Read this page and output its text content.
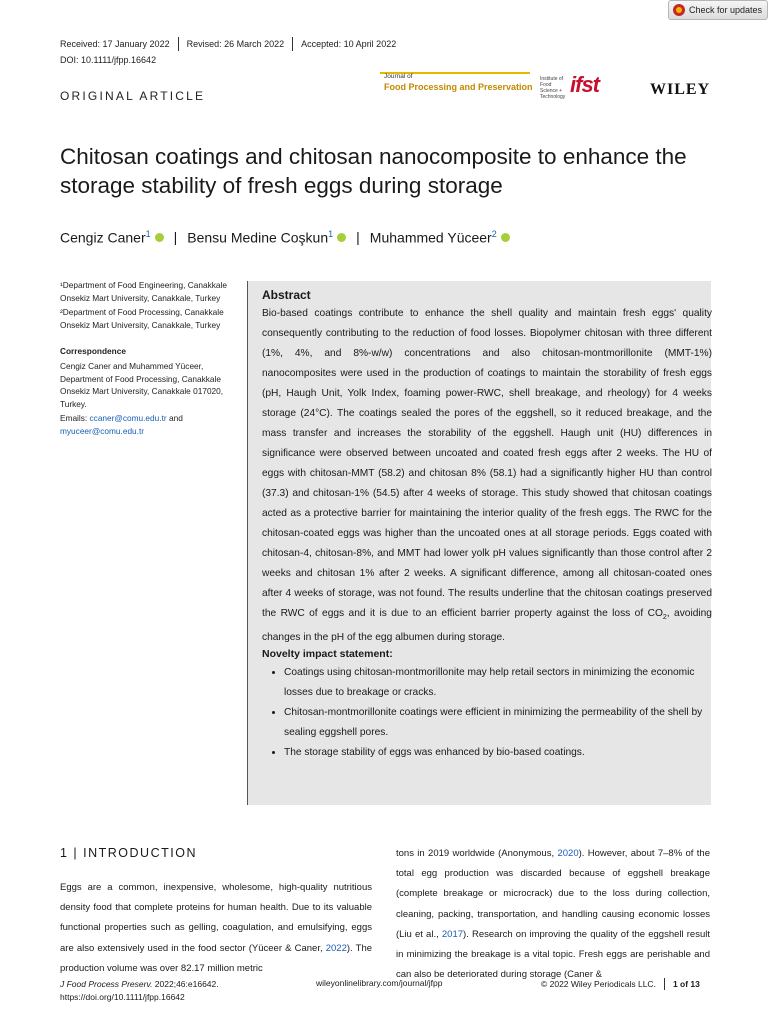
Check for updates
Received: 17 January 2022 Revised: 26 March 2022 Accepted: 10 April 2022
DOI: 10.1111/jfpp.16642
ORIGINAL ARTICLE
Journal of
Food Processing and Preservation
Institute of Food Science + Technology ifst	WILEY
Chitosan coatings and chitosan nanocomposite to enhance the storage stability of fresh eggs during storage
Cengiz Caner$^1$ | Bensu Medine Coşkun$^1$ | Muhammed Yüceer$^2$

¹Department of Food Engineering, Canakkale Onsekiz Mart University, Canakkale, Turkey

²Department of Food Processing, Canakkale Onsekiz Mart University, Canakkale, Turkey

Correspondence

Cengiz Caner and Muhammed Yüceer, Department of Food Processing, Canakkale Onsekiz Mart University, Canakkale 017020, Turkey.

Emails: ccaner@comu.edu.tr and
myuceer@comu.edu.tr

Abstract

Bio-based coatings contribute to enhance the shell quality and maintain fresh eggs' quality consequently contributing to the reduction of food losses. Biopolymer chitosan with three different (1%, 4%, and 8%-w/w) concentrations and also chitosan-montmorillonite (MMT-1%) nanocomposites were used in the production of coatings to maintain the storability of fresh eggs (pH, Haugh Unit, Yolk Index, foaming power-RWC, shell breakage, and rheology) for 4 weeks storage (24°C). The coatings sealed the pores of the eggshell, so it reduced breakage, and the mass transfer and increases the storability of the eggshell. Haugh unit (HU) differences in significance were observed between uncoated and coated fresh eggs after 2 weeks. The HU of eggs with chitosan-MMT (58.2) and chitosan 8% (58.1) had a significantly higher HU than control (37.3) and chitosan-1% (54.5) after 4 weeks of storage. This study showed that chitosan coatings acted as a protective barrier for maintaining the interior quality of the fresh eggs. The RWC for the chitosan-coated eggs was higher than the uncoated ones at all storage periods. Eggs coated with chitosan-4, chitosan-8%, and MMT had lower yolk pH values significantly than those control after 2 weeks and chitosan 1% after 2 weeks. A significant difference, among all chitosan-coated ones after 4 weeks of storage, was not found. The results underline that the chitosan coatings preserved the RWC of eggs and it is due to an efficient barrier property against the loss of $CO_2$, avoiding changes in the pH of the egg albumen during storage.

Novelty impact statement:
• Coatings using chitosan-montmorillonite may help retail sectors in minimizing the economic losses due to breakage or cracks.
• Chitosan-montmorillonite coatings were efficient in minimizing the permeability of the shell by sealing eggshell pores.
• The storage stability of eggs was enhanced by bio-based coatings.
1 | INTRODUCTION

Eggs are a common, inexpensive, wholesome, high-quality nutritious density food that complete proteins for human health. Due to its valuable functional properties such as gelling, coagulation, and emulsifying, eggs are also extensively used in the food sector (Yüceer & Caner, 2022). The production volume was over 82.17 million metric

tons in 2019 worldwide (Anonymous, 2020). However, about 7–8% of the total egg production was discarded because of eggshell breakage (complete breakage or microcrack) due to the loss during collection, cleaning, packing, transportation, and handling causing economic losses (Liu et al., 2017). Research on improving the quality of the eggshell result in minimizing the breakage is a vital topic. Fresh eggs are perishable and can also be deteriorated during storage (Caner &

J Food Process Preserv. 2022;46:e16642.
https://doi.org/10.1111/jfpp.16642
wileyonlinelibrary.com/journal/jfpp	© 2022 Wiley Periodicals LLC. 1 of 13
